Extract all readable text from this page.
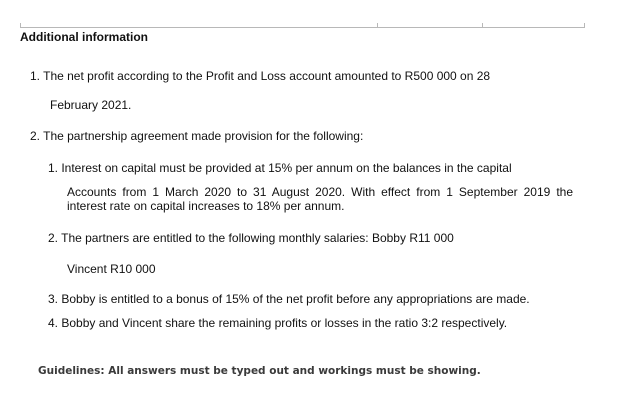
Additional information
1. The net profit according to the Profit and Loss account amounted to R500 000 on 28
February 2021.
2. The partnership agreement made provision for the following:
1. Interest on capital must be provided at 15% per annum on the balances in the capital
Accounts from 1 March 2020 to 31 August 2020. With effect from 1 September 2019 the interest rate on capital increases to 18% per annum.
2. The partners are entitled to the following monthly salaries: Bobby R11 000
Vincent R10 000
3. Bobby is entitled to a bonus of 15% of the net profit before any appropriations are made.
4. Bobby and Vincent share the remaining profits or losses in the ratio 3:2 respectively.
Guidelines: All answers must be typed out and workings must be showing.
